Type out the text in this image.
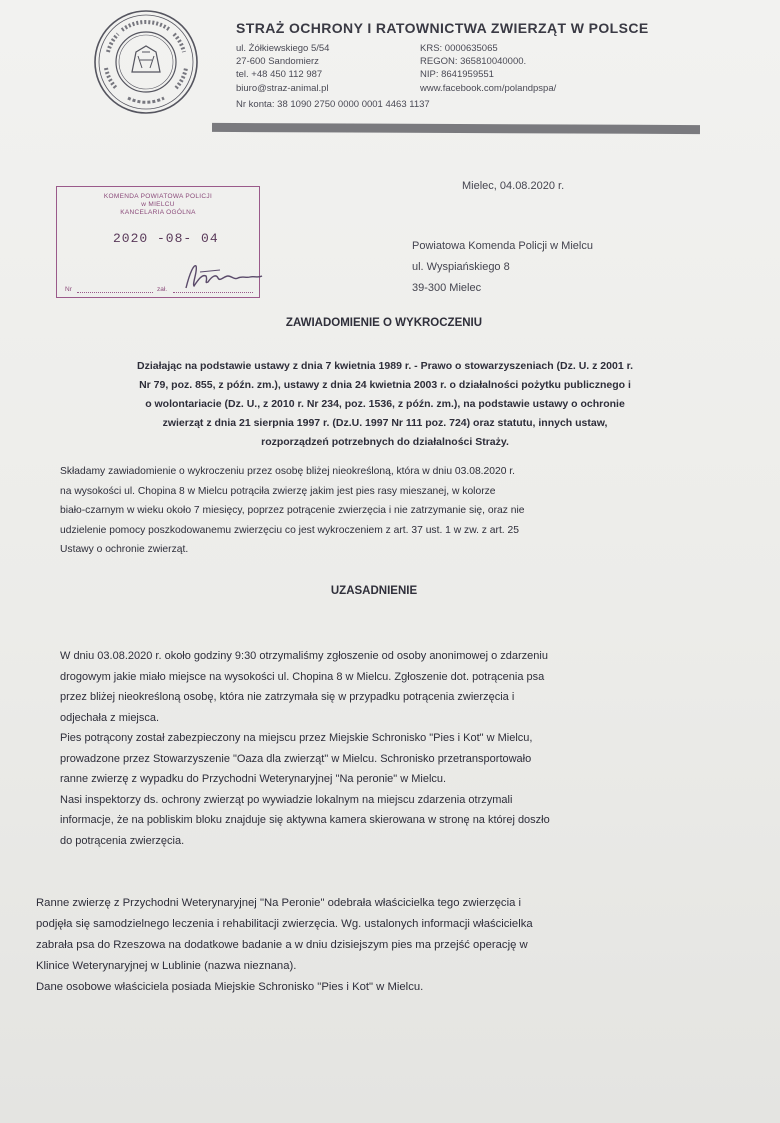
STRAŻ OCHRONY I RATOWNICTWA ZWIERZĄT W POLSCE
ul. Żółkiewskiego 5/54
27-600 Sandomierz
tel. +48 450 112 987
biuro@straz-animal.pl
KRS: 0000635065
REGON: 365810040000.
NIP: 8641959551
www.facebook.com/polandpspa/
Nr konta: 38 1090 2750 0000 0001 4463 1137
KOMENDA POWIATOWA POLICJI
w MIELCU
KANCELARIA OGÓLNA
2020 -08- 04
Nr	zał.
Mielec, 04.08.2020 r.
Powiatowa Komenda Policji w Mielcu
ul. Wyspiańskiego 8
39-300 Mielec
ZAWIADOMIENIE O WYKROCZENIU
Działając na podstawie ustawy z dnia 7 kwietnia 1989 r. - Prawo o stowarzyszeniach (Dz. U. z 2001 r.
Nr 79, poz. 855, z późn. zm.), ustawy z dnia 24 kwietnia 2003 r. o działalności pożytku publicznego i
o wolontariacie (Dz. U., z 2010 r. Nr 234, poz. 1536, z późn. zm.), na podstawie ustawy o ochronie
zwierząt z dnia 21 sierpnia 1997 r. (Dz.U. 1997 Nr 111 poz. 724) oraz statutu, innych ustaw,
rozporządzeń potrzebnych do działalności Straży.
Składamy zawiadomienie o wykroczeniu przez osobę bliżej nieokreśloną, która w dniu 03.08.2020 r.
na wysokości ul. Chopina 8 w Mielcu potrąciła zwierzę jakim jest pies rasy mieszanej, w kolorze
biało-czarnym w wieku około 7 miesięcy, poprzez potrącenie zwierzęcia i nie zatrzymanie się, oraz nie
udzielenie pomocy poszkodowanemu zwierzęciu co jest wykroczeniem z art. 37 ust. 1 w zw. z art. 25
Ustawy o ochronie zwierząt.
UZASADNIENIE
W dniu 03.08.2020 r. około godziny 9:30 otrzymaliśmy zgłoszenie od osoby anonimowej o zdarzeniu
drogowym jakie miało miejsce na wysokości ul. Chopina 8 w Mielcu. Zgłoszenie dot. potrącenia psa
przez bliżej nieokreśloną osobę, która nie zatrzymała się w przypadku potrącenia zwierzęcia i
odjechała z miejsca.
Pies potrącony został zabezpieczony na miejscu przez Miejskie Schronisko "Pies i Kot" w Mielcu,
prowadzone przez Stowarzyszenie "Oaza dla zwierząt" w Mielcu. Schronisko przetransportowało
ranne zwierzę z wypadku do Przychodni Weterynaryjnej "Na peronie" w Mielcu.
Nasi inspektorzy ds. ochrony zwierząt po wywiadzie lokalnym na miejscu zdarzenia otrzymali
informacje, że na pobliskim bloku znajduje się aktywna kamera skierowana w stronę na której doszło
do potrącenia zwierzęcia.
Ranne zwierzę z Przychodni Weterynaryjnej "Na Peronie" odebrała właścicielka tego zwierzęcia i
podjęła się samodzielnego leczenia i rehabilitacji zwierzęcia. Wg. ustalonych informacji właścicielka
zabrała psa do Rzeszowa na dodatkowe badanie a w dniu dzisiejszym pies ma przejść operację w
Klinice Weterynaryjnej w Lublinie (nazwa nieznana).
Dane osobowe właściciela posiada Miejskie Schronisko "Pies i Kot" w Mielcu.
